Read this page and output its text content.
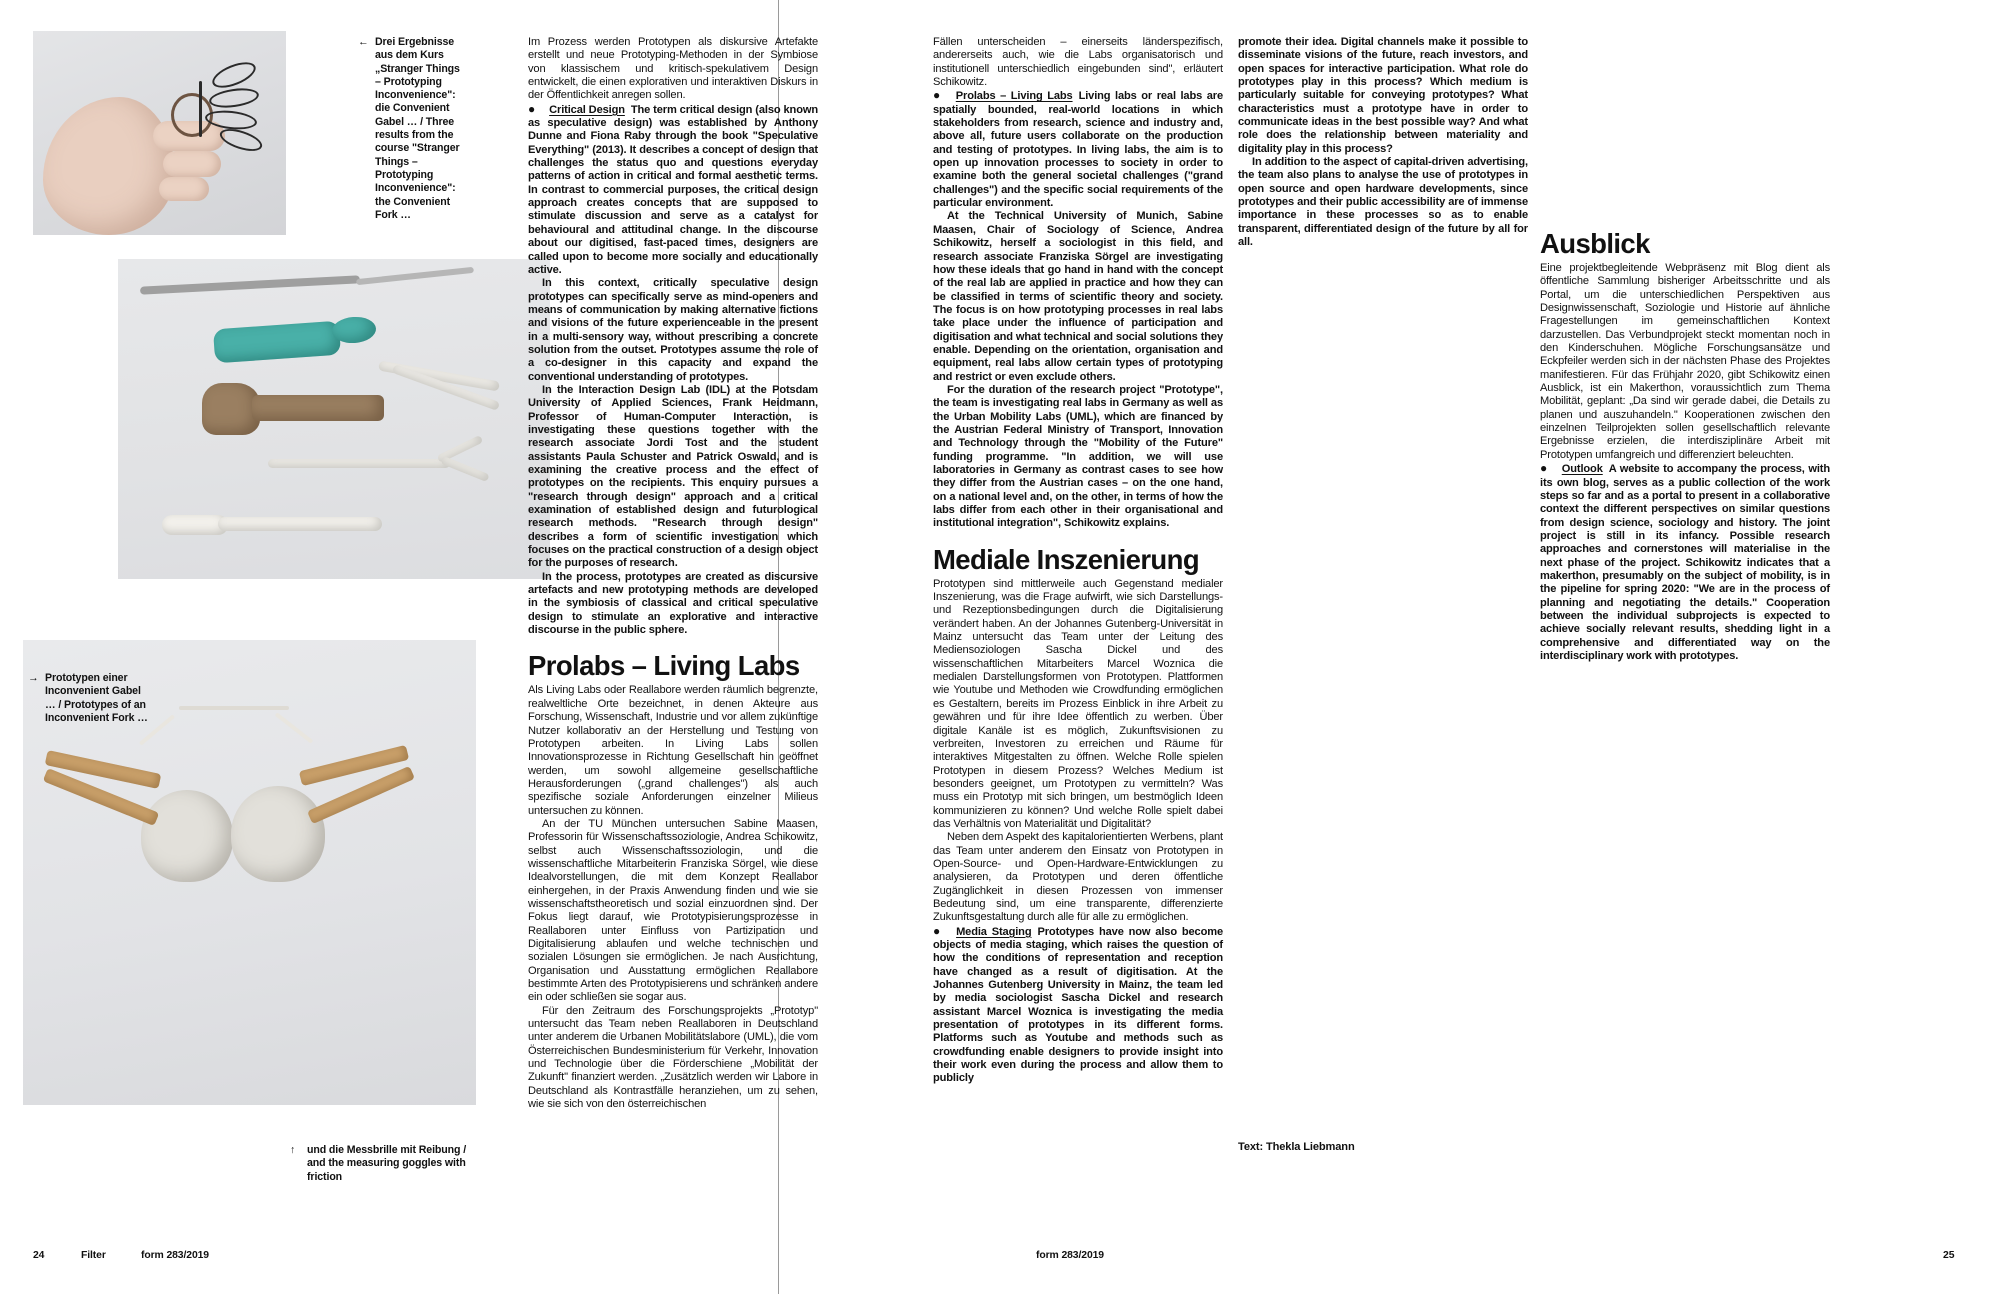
← Drei Ergebnisse aus dem Kurs „Stranger Things – Prototyping Inconvenience": die Convenient Gabel … / Three results from the course "Stranger Things – Prototyping Inconvenience": the Convenient Fork …
→ Prototypen einer Inconvenient Gabel … / Prototypes of an Inconvenient Fork …
↑ und die Messbrille mit Reibung / and the measuring goggles with friction

Im Prozess werden Prototypen als diskursive Artefakte erstellt und neue Prototyping-Methoden in der Symbiose von klassischem und kritisch-spekulativem Design entwickelt, die einen explorativen und interaktiven Diskurs in der Öffentlichkeit anregen sollen.

● Critical Design The term critical design (also known as speculative design) was established by Anthony Dunne and Fiona Raby through the book "Speculative Everything" (2013). It describes a concept of design that challenges the status quo and questions everyday patterns of action in critical and formal aesthetic terms. In contrast to commercial purposes, the critical design approach creates concepts that are supposed to stimulate discussion and serve as a catalyst for behavioural and attitudinal change. In the discourse about our digitised, fast-paced times, designers are called upon to become more socially and educationally active.

In this context, critically speculative design prototypes can specifically serve as mind-openers and means of communication by making alternative fictions and visions of the future experienceable in the present in a multi-sensory way, without prescribing a concrete solution from the outset. Prototypes assume the role of a co-designer in this capacity and expand the conventional understanding of prototypes.

In the Interaction Design Lab (IDL) at the Potsdam University of Applied Sciences, Frank Heidmann, Professor of Human-Computer Interaction, is investigating these questions together with the research associate Jordi Tost and the student assistants Paula Schuster and Patrick Oswald, and is examining the creative process and the effect of prototypes on the recipients. This enquiry pursues a "research through design" approach and a critical examination of established design and futurological research methods. "Research through design" describes a form of scientific investigation which focuses on the practical construction of a design object for the purposes of research.

In the process, prototypes are created as discursive artefacts and new prototyping methods are developed in the symbiosis of classical and critical speculative design to stimulate an explorative and interactive discourse in the public sphere.

Prolabs – Living Labs

Als Living Labs oder Reallabore werden räumlich begrenzte, realweltliche Orte bezeichnet, in denen Akteure aus Forschung, Wissenschaft, Industrie und vor allem zukünftige Nutzer kollaborativ an der Herstellung und Testung von Prototypen arbeiten. In Living Labs sollen Innovationsprozesse in Richtung Gesellschaft hin geöffnet werden, um sowohl allgemeine gesellschaftliche Herausforderungen („grand challenges") als auch spezifische soziale Anforderungen einzelner Milieus untersuchen zu können.

An der TU München untersuchen Sabine Maasen, Professorin für Wissenschaftssoziologie, Andrea Schikowitz, selbst auch Wissenschaftssoziologin, und die wissenschaftliche Mitarbeiterin Franziska Sörgel, wie diese Idealvorstellungen, die mit dem Konzept Reallabor einhergehen, in der Praxis Anwendung finden und wie sie wissenschaftstheoretisch und sozial einzuordnen sind. Der Fokus liegt darauf, wie Prototypisierungsprozesse in Reallaboren unter Einfluss von Partizipation und Digitalisierung ablaufen und welche technischen und sozialen Lösungen sie ermöglichen. Je nach Ausrichtung, Organisation und Ausstattung ermöglichen Reallabore bestimmte Arten des Prototypisierens und schränken andere ein oder schließen sie sogar aus.

Für den Zeitraum des Forschungsprojekts „Prototyp" untersucht das Team neben Reallaboren in Deutschland unter anderem die Urbanen Mobilitätslabore (UML), die vom Österreichischen Bundesministerium für Verkehr, Innovation und Technologie über die Förderschiene „Mobilität der Zukunft" finanziert werden. „Zusätzlich werden wir Labore in Deutschland als Kontrastfälle heranziehen, um zu sehen, wie sie sich von den österreichischen

Fällen unterscheiden – einerseits länderspezifisch, andererseits auch, wie die Labs organisatorisch und institutionell unterschiedlich eingebunden sind", erläutert Schikowitz.

● Prolabs – Living Labs Living labs or real labs are spatially bounded, real-world locations in which stakeholders from research, science and industry and, above all, future users collaborate on the production and testing of prototypes. In living labs, the aim is to open up innovation processes to society in order to examine both the general societal challenges ("grand challenges") and the specific social requirements of the particular environment.

At the Technical University of Munich, Sabine Maasen, Chair of Sociology of Science, Andrea Schikowitz, herself a sociologist in this field, and research associate Franziska Sörgel are investigating how these ideals that go hand in hand with the concept of the real lab are applied in practice and how they can be classified in terms of scientific theory and society. The focus is on how prototyping processes in real labs take place under the influence of participation and digitisation and what technical and social solutions they enable. Depending on the orientation, organisation and equipment, real labs allow certain types of prototyping and restrict or even exclude others.

For the duration of the research project "Prototype", the team is investigating real labs in Germany as well as the Urban Mobility Labs (UML), which are financed by the Austrian Federal Ministry of Transport, Innovation and Technology through the "Mobility of the Future" funding programme. "In addition, we will use laboratories in Germany as contrast cases to see how they differ from the Austrian cases – on the one hand, on a national level and, on the other, in terms of how the labs differ from each other in their organisational and institutional integration", Schikowitz explains.

Mediale Inszenierung

Prototypen sind mittlerweile auch Gegenstand medialer Inszenierung, was die Frage aufwirft, wie sich Darstellungs- und Rezeptionsbedingungen durch die Digitalisierung verändert haben. An der Johannes Gutenberg-Universität in Mainz untersucht das Team unter der Leitung des Mediensoziologen Sascha Dickel und des wissenschaftlichen Mitarbeiters Marcel Woznica die medialen Darstellungsformen von Prototypen. Plattformen wie Youtube und Methoden wie Crowdfunding ermöglichen es Gestaltern, bereits im Prozess Einblick in ihre Arbeit zu gewähren und für ihre Idee öffentlich zu werben. Über digitale Kanäle ist es möglich, Zukunftsvisionen zu verbreiten, Investoren zu erreichen und Räume für interaktives Mitgestalten zu öffnen. Welche Rolle spielen Prototypen in diesem Prozess? Welches Medium ist besonders geeignet, um Prototypen zu vermitteln? Was muss ein Prototyp mit sich bringen, um bestmöglich Ideen kommunizieren zu können? Und welche Rolle spielt dabei das Verhältnis von Materialität und Digitalität?

Neben dem Aspekt des kapitalorientierten Werbens, plant das Team unter anderem den Einsatz von Prototypen in Open-Source- und Open-Hardware-Entwicklungen zu analysieren, da Prototypen und deren öffentliche Zugänglichkeit in diesen Prozessen von immenser Bedeutung sind, um eine transparente, differenzierte Zukunftsgestaltung durch alle für alle zu ermöglichen.

● Media Staging Prototypes have now also become objects of media staging, which raises the question of how the conditions of representation and reception have changed as a result of digitisation. At the Johannes Gutenberg University in Mainz, the team led by media sociologist Sascha Dickel and research assistant Marcel Woznica is investigating the media presentation of prototypes in its different forms. Platforms such as Youtube and methods such as crowdfunding enable designers to provide insight into their work even during the process and allow them to publicly

promote their idea. Digital channels make it possible to disseminate visions of the future, reach investors, and open spaces for interactive participation. What role do prototypes play in this process? Which medium is particularly suitable for conveying prototypes? What characteristics must a prototype have in order to communicate ideas in the best possible way? And what role does the relationship between materiality and digitality play in this process?

In addition to the aspect of capital-driven advertising, the team also plans to analyse the use of prototypes in open source and open hardware developments, since prototypes and their public accessibility are of immense importance in these processes so as to enable transparent, differentiated design of the future by all for all.	Ausblick

Eine projektbegleitende Webpräsenz mit Blog dient als öffentliche Sammlung bisheriger Arbeitsschritte und als Portal, um die unterschiedlichen Perspektiven aus Designwissenschaft, Soziologie und Historie auf ähnliche Fragestellungen im gemeinschaftlichen Kontext darzustellen. Das Verbundprojekt steckt momentan noch in den Kinderschuhen. Mögliche Forschungsansätze und Eckpfeiler werden sich in der nächsten Phase des Projektes manifestieren. Für das Frühjahr 2020, gibt Schikowitz einen Ausblick, ist ein Makerthon, voraussichtlich zum Thema Mobilität, geplant: „Da sind wir gerade dabei, die Details zu planen und auszuhandeln." Kooperationen zwischen den einzelnen Teilprojekten sollen gesellschaftlich relevante Ergebnisse erzielen, die interdisziplinäre Arbeit mit Prototypen umfangreich und differenziert beleuchten.

● Outlook A website to accompany the process, with its own blog, serves as a public collection of the work steps so far and as a portal to present in a collaborative context the different perspectives on similar questions from design science, sociology and history. The joint project is still in its infancy. Possible research approaches and cornerstones will materialise in the next phase of the project. Schikowitz indicates that a makerthon, presumably on the subject of mobility, is in the pipeline for spring 2020: "We are in the process of planning and negotiating the details." Cooperation between the individual subprojects is expected to achieve socially relevant results, shedding light in a comprehensive and differentiated way on the interdisciplinary work with prototypes.

Text: Thekla Liebmann
24	Filter	form 283/2019	form 283/2019	25
